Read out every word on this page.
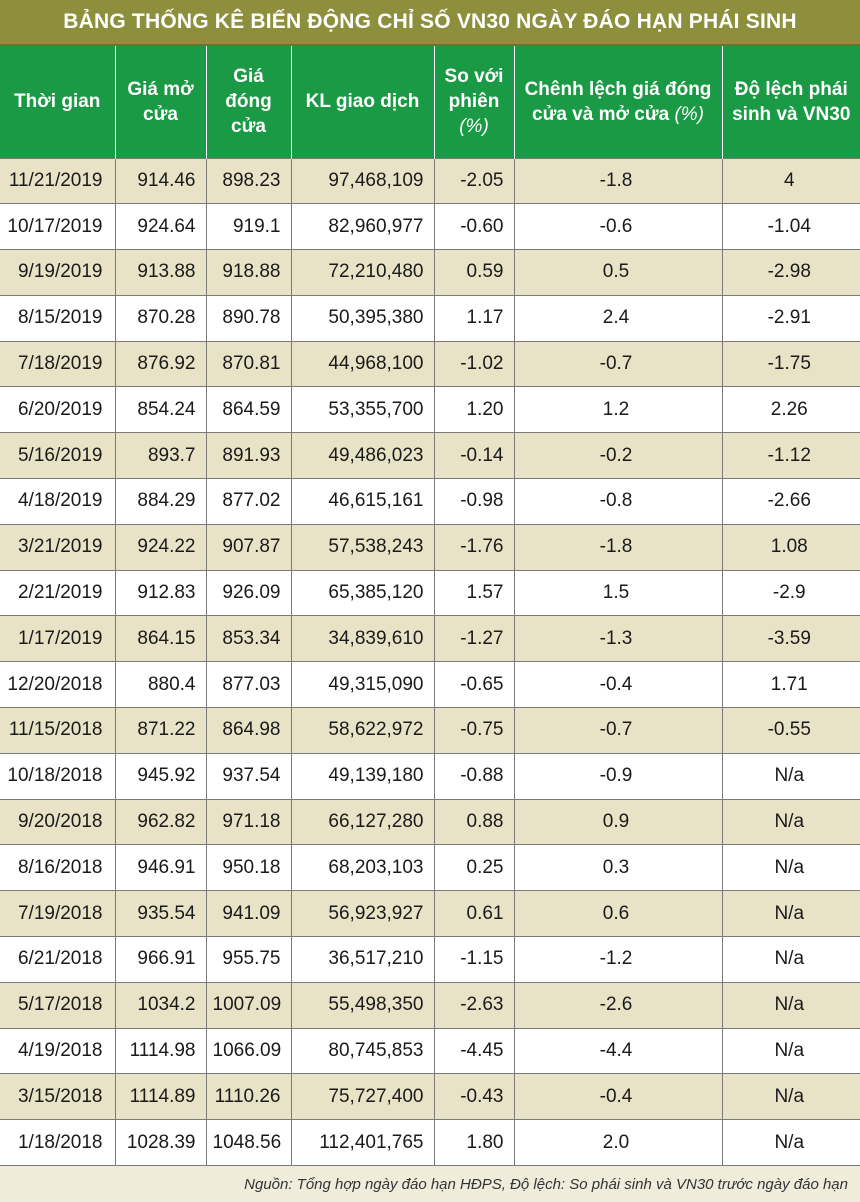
BẢNG THỐNG KÊ BIẾN ĐỘNG CHỈ SỐ VN30 NGÀY ĐÁO HẠN PHÁI SINH
Thời gian	Giá mở cửa	Giá đóng cửa	KL giao dịch	So với phiên (%)	Chênh lệch giá đóng cửa và mở cửa (%)	Độ lệch phái sinh và VN30
11/21/2019	914.46	898.23	97,468,109	-2.05	-1.8	4
10/17/2019	924.64	919.1	82,960,977	-0.60	-0.6	-1.04
9/19/2019	913.88	918.88	72,210,480	0.59	0.5	-2.98
8/15/2019	870.28	890.78	50,395,380	1.17	2.4	-2.91
7/18/2019	876.92	870.81	44,968,100	-1.02	-0.7	-1.75
6/20/2019	854.24	864.59	53,355,700	1.20	1.2	2.26
5/16/2019	893.7	891.93	49,486,023	-0.14	-0.2	-1.12
4/18/2019	884.29	877.02	46,615,161	-0.98	-0.8	-2.66
3/21/2019	924.22	907.87	57,538,243	-1.76	-1.8	1.08
2/21/2019	912.83	926.09	65,385,120	1.57	1.5	-2.9
1/17/2019	864.15	853.34	34,839,610	-1.27	-1.3	-3.59
12/20/2018	880.4	877.03	49,315,090	-0.65	-0.4	1.71
11/15/2018	871.22	864.98	58,622,972	-0.75	-0.7	-0.55
10/18/2018	945.92	937.54	49,139,180	-0.88	-0.9	N/a
9/20/2018	962.82	971.18	66,127,280	0.88	0.9	N/a
8/16/2018	946.91	950.18	68,203,103	0.25	0.3	N/a
7/19/2018	935.54	941.09	56,923,927	0.61	0.6	N/a
6/21/2018	966.91	955.75	36,517,210	-1.15	-1.2	N/a
5/17/2018	1034.2	1007.09	55,498,350	-2.63	-2.6	N/a
4/19/2018	1114.98	1066.09	80,745,853	-4.45	-4.4	N/a
3/15/2018	1114.89	1110.26	75,727,400	-0.43	-0.4	N/a
1/18/2018	1028.39	1048.56	112,401,765	1.80	2.0	N/a
Nguồn: Tổng hợp ngày đáo hạn HĐPS, Độ lệch: So phái sinh và VN30 trước ngày đáo hạn
